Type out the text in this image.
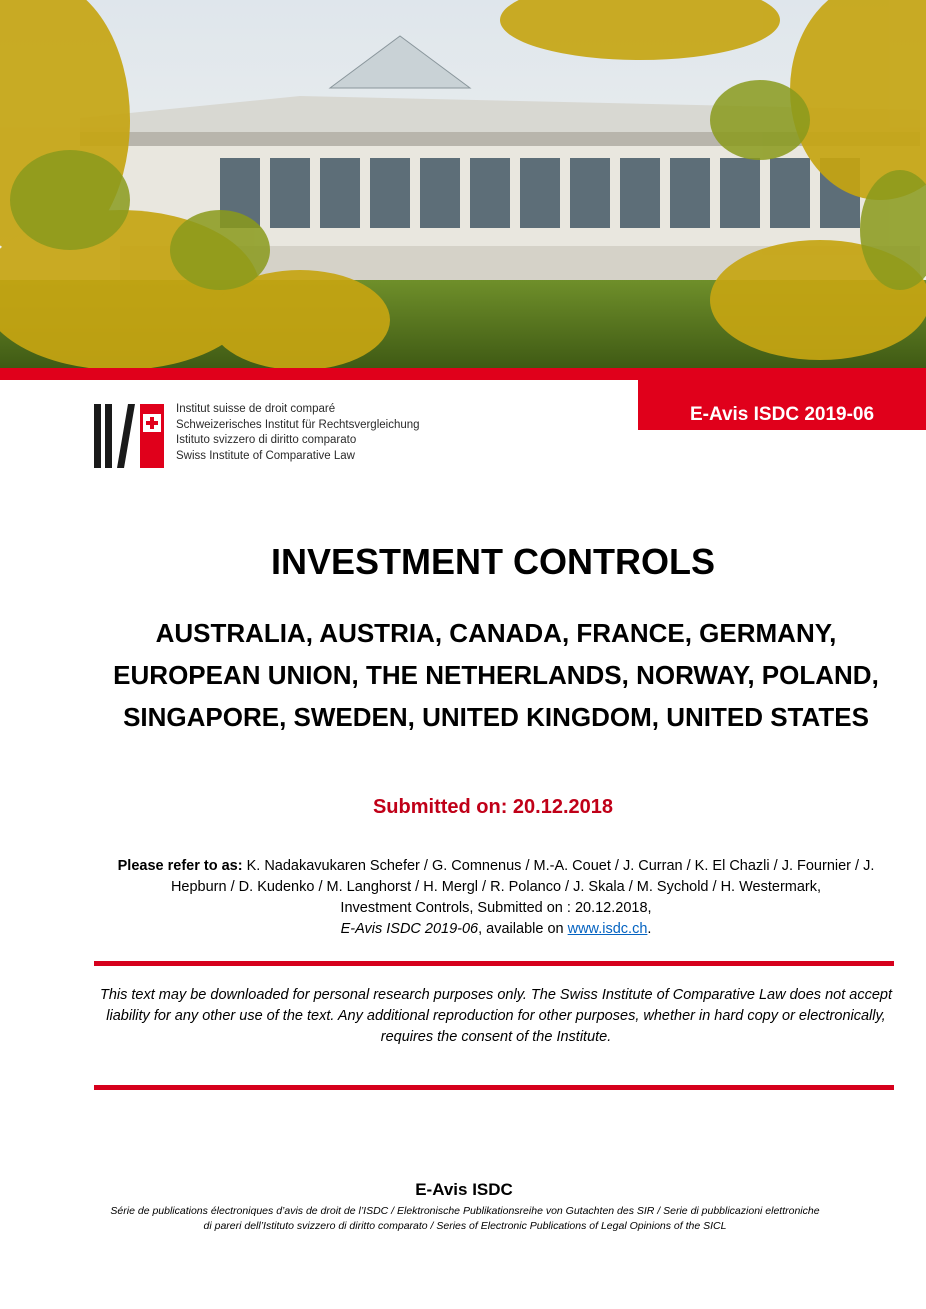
E-Avis ISDC 2019-06
Institut suisse de droit comparé
Schweizerisches Institut für Rechtsvergleichung
Istituto svizzero di diritto comparato
Swiss Institute of Comparative Law
INVESTMENT CONTROLS
AUSTRALIA, AUSTRIA, CANADA, FRANCE, GERMANY, EUROPEAN UNION, THE NETHERLANDS, NORWAY, POLAND, SINGAPORE, SWEDEN, UNITED KINGDOM, UNITED STATES
Submitted on: 20.12.2018
Please refer to as: K. Nadakavukaren Schefer / G. Comnenus / M.-A. Couet / J. Curran / K. El Chazli / J. Fournier / J. Hepburn / D. Kudenko / M. Langhorst / H. Mergl / R. Polanco / J. Skala / M. Sychold / H. Westermark,
Investment Controls, Submitted on : 20.12.2018,
E-Avis ISDC 2019-06, available on www.isdc.ch.
This text may be downloaded for personal research purposes only. The Swiss Institute of Comparative Law does not accept liability for any other use of the text. Any additional reproduction for other purposes, whether in hard copy or electronically, requires the consent of the Institute.
E-Avis ISDC
Série de publications électroniques d’avis de droit de l’ISDC / Elektronische Publikationsreihe von Gutachten des SIR / Serie di pubblicazioni elettroniche di pareri dell’Istituto svizzero di diritto comparato / Series of Electronic Publications of Legal Opinions of the SICL
